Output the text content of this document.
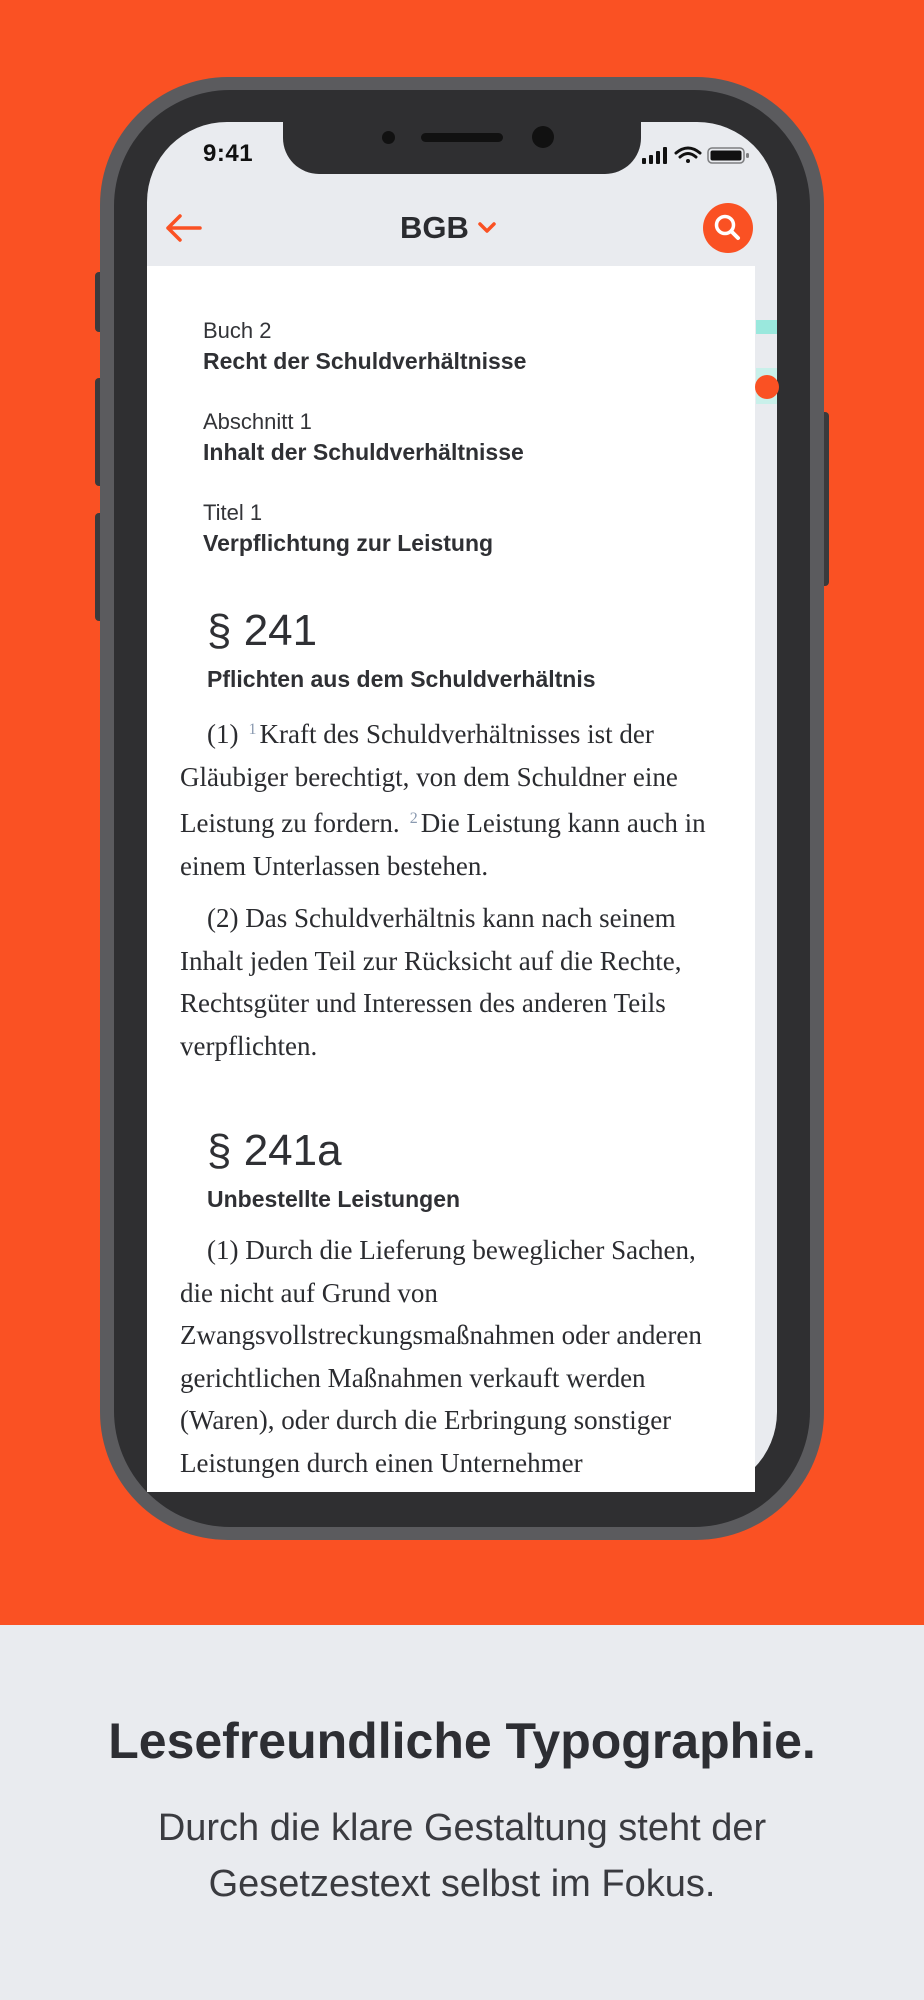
Buch 2
Recht der Schuldverhältnisse
Abschnitt 1
Inhalt der Schuldverhältnisse
Titel 1
Verpflichtung zur Leistung
§ 241
Pflichten aus dem Schuldverhältnis

(1) $^1$ Kraft des Schuldverhältnisses ist der Gläubiger berechtigt, von dem Schuldner eine Leistung zu fordern. $^2$ Die Leistung kann auch in einem Unterlassen bestehen.

(2) Das Schuldverhältnis kann nach seinem Inhalt jeden Teil zur Rücksicht auf die Rechte, Rechtsgüter und Interessen des anderen Teils verpflichten.

§ 241a
Unbestellte Leistungen

(1) Durch die Lieferung beweglicher Sachen, die nicht auf Grund von Zwangsvollstreckungsmaßnahmen oder anderen gerichtlichen Maßnahmen verkauft werden (Waren), oder durch die Erbringung sonstiger Leistungen durch einen Unternehmer

9:41
BGB
Lesefreundliche Typographie.
Durch die klare Gestaltung steht der
Gesetzestext selbst im Fokus.
